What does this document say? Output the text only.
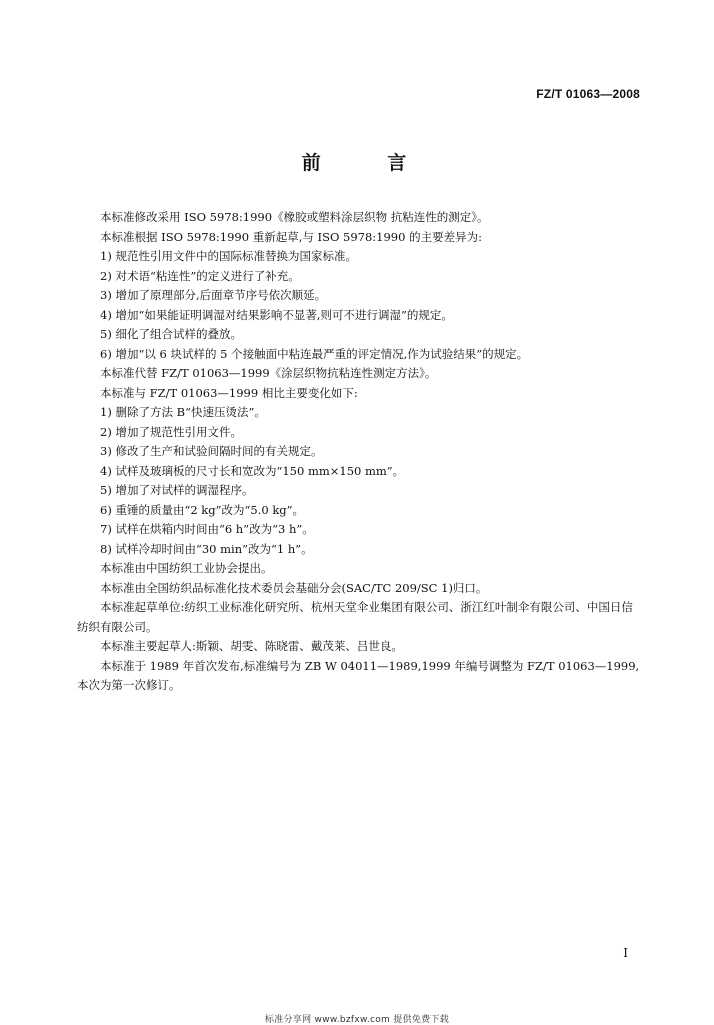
FZ/T 01063—2008
前 言

本标准修改采用 ISO 5978:1990《橡胶或塑料涂层织物 抗粘连性的测定》。

本标准根据 ISO 5978:1990 重新起草,与 ISO 5978:1990 的主要差异为:

1) 规范性引用文件中的国际标准替换为国家标准。

2) 对术语“粘连性”的定义进行了补充。

3) 增加了原理部分,后面章节序号依次顺延。

4) 增加“如果能证明调湿对结果影响不显著,则可不进行调湿”的规定。

5) 细化了组合试样的叠放。

6) 增加“以 6 块试样的 5 个接触面中粘连最严重的评定情况,作为试验结果”的规定。

本标准代替 FZ/T 01063—1999《涂层织物抗粘连性测定方法》。

本标准与 FZ/T 01063—1999 相比主要变化如下:

1) 删除了方法 B“快速压烫法”。

2) 增加了规范性引用文件。

3) 修改了生产和试验间隔时间的有关规定。

4) 试样及玻璃板的尺寸长和宽改为“150 mm×150 mm”。

5) 增加了对试样的调湿程序。

6) 重锤的质量由“2 kg”改为“5.0 kg”。

7) 试样在烘箱内时间由“6 h”改为“3 h”。

8) 试样冷却时间由“30 min”改为“1 h”。

本标准由中国纺织工业协会提出。

本标准由全国纺织品标准化技术委员会基础分会(SAC/TC 209/SC 1)归口。

本标准起草单位:纺织工业标准化研究所、杭州天堂伞业集团有限公司、浙江红叶制伞有限公司、中国日信纺织有限公司。

本标准主要起草人:斯颖、胡雯、陈晓雷、戴茂莱、吕世良。

本标准于 1989 年首次发布,标准编号为 ZB W 04011—1989,1999 年编号调整为 FZ/T 01063—1999,本次为第一次修订。

I
标准分享网 www.bzfxw.com 提供免费下载
